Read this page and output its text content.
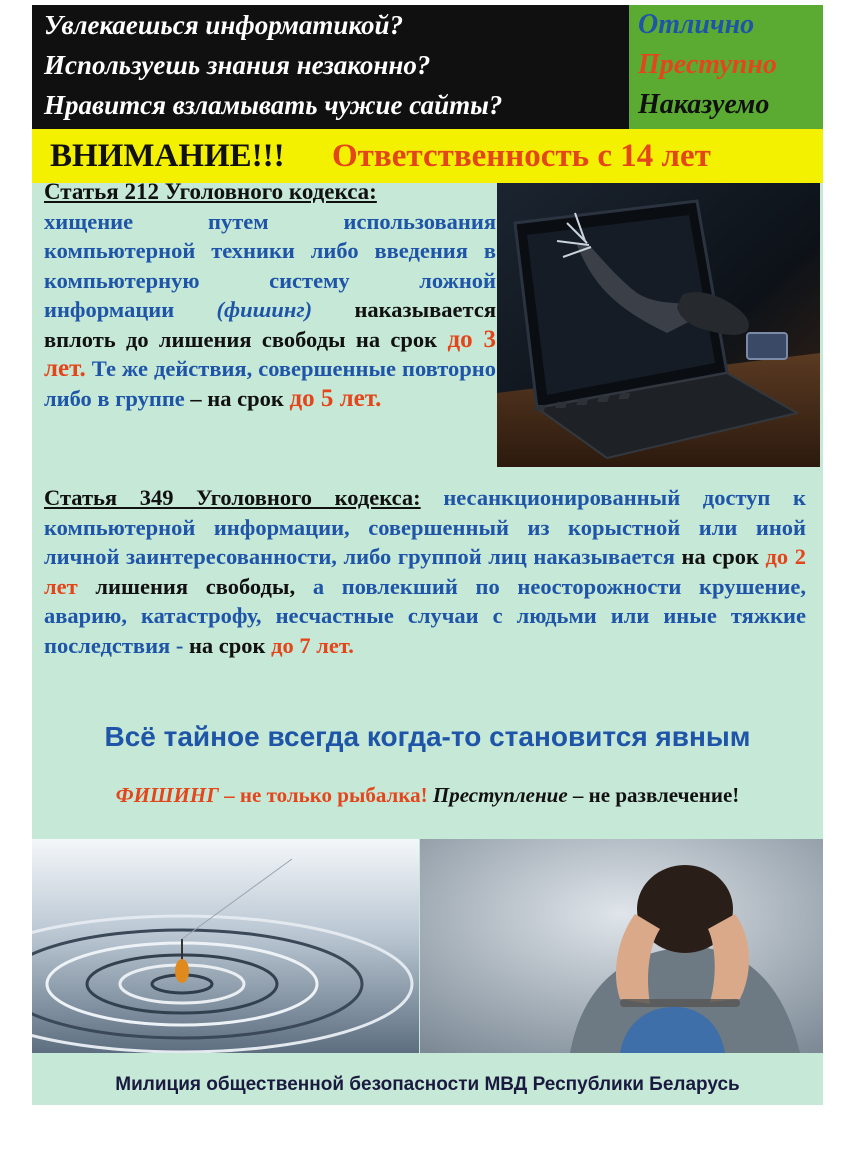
Увлекаешься информатикой?
Используешь знания незаконно?
Нравится взламывать чужие сайты?
Отлично
Преступно
Наказуемо
ВНИМАНИЕ!!! Ответственность с 14 лет
Статья 212 Уголовного кодекса:
хищение путем использования компьютерной техники либо введения в компьютерную систему ложной информации (фишинг) наказывается вплоть до лишения свободы на срок до 3 лет. Те же действия, совершенные повторно либо в группе – на срок до 5 лет.
Статья 349 Уголовного кодекса: несанкционированный доступ к компьютерной информации, совершенный из корыстной или иной личной заинтересованности, либо группой лиц наказывается на срок до 2 лет лишения свободы, а повлекший по неосторожности крушение, аварию, катастрофу, несчастные случаи с людьми или иные тяжкие последствия - на срок до 7 лет.
Всё тайное всегда когда-то становится явным
ФИШИНГ – не только рыбалка! Преступление – не развлечение!
Милиция общественной безопасности МВД Республики Беларусь
